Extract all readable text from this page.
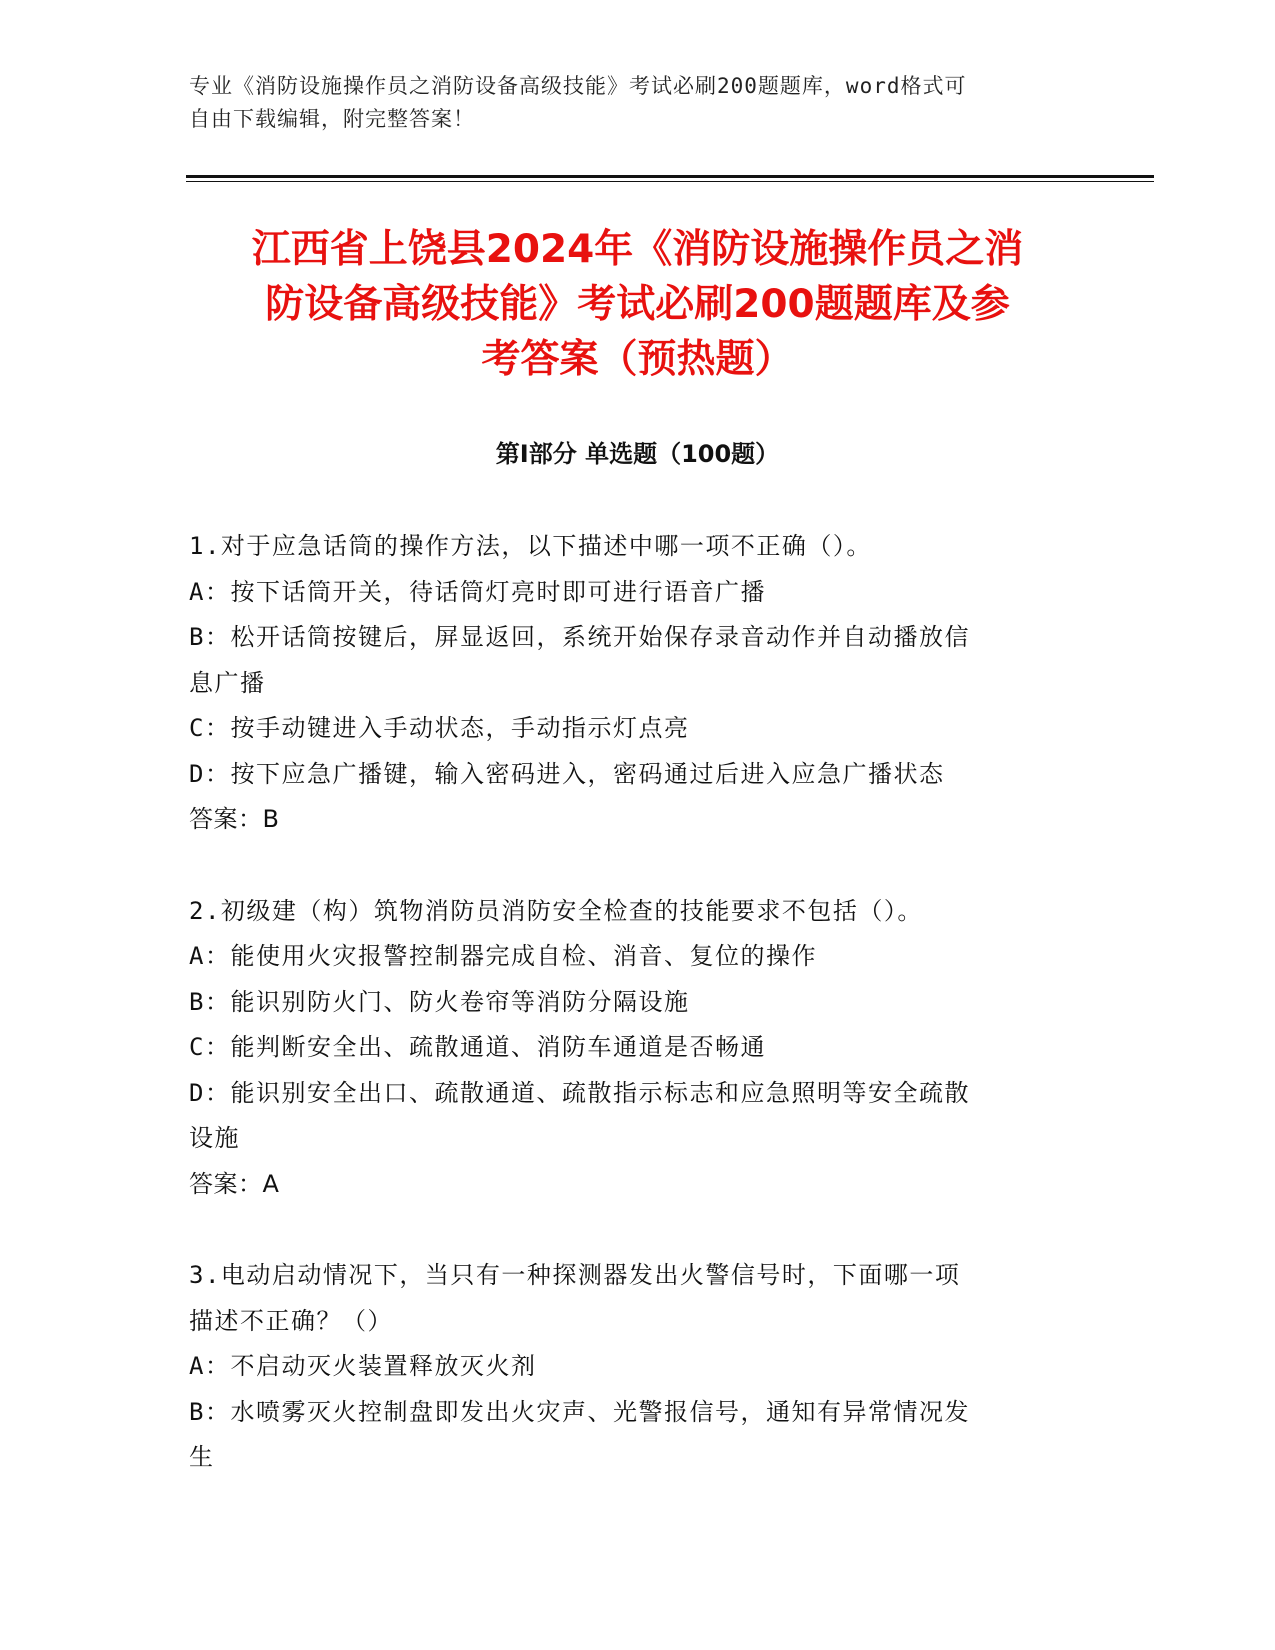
专业《消防设施操作员之消防设备高级技能》考试必刷200题题库，word格式可
自由下载编辑，附完整答案！
江西省上饶县2024年《消防设施操作员之消
防设备高级技能》考试必刷200题题库及参
考答案（预热题）
第Ⅰ部分 单选题（100题）
1.对于应急话筒的操作方法，以下描述中哪一项不正确（）。
A：按下话筒开关，待话筒灯亮时即可进行语音广播
B：松开话筒按键后，屏显返回，系统开始保存录音动作并自动播放信
息广播
C：按手动键进入手动状态，手动指示灯点亮
D：按下应急广播键，输入密码进入，密码通过后进入应急广播状态
答案：B
2.初级建（构）筑物消防员消防安全检查的技能要求不包括（）。
A：能使用火灾报警控制器完成自检、消音、复位的操作
B：能识别防火门、防火卷帘等消防分隔设施
C：能判断安全出、疏散通道、消防车通道是否畅通
D：能识别安全出口、疏散通道、疏散指示标志和应急照明等安全疏散
设施
答案：A
3.电动启动情况下，当只有一种探测器发出火警信号时，下面哪一项
描述不正确？（）
A：不启动灭火装置释放灭火剂
B：水喷雾灭火控制盘即发出火灾声、光警报信号，通知有异常情况发
生
